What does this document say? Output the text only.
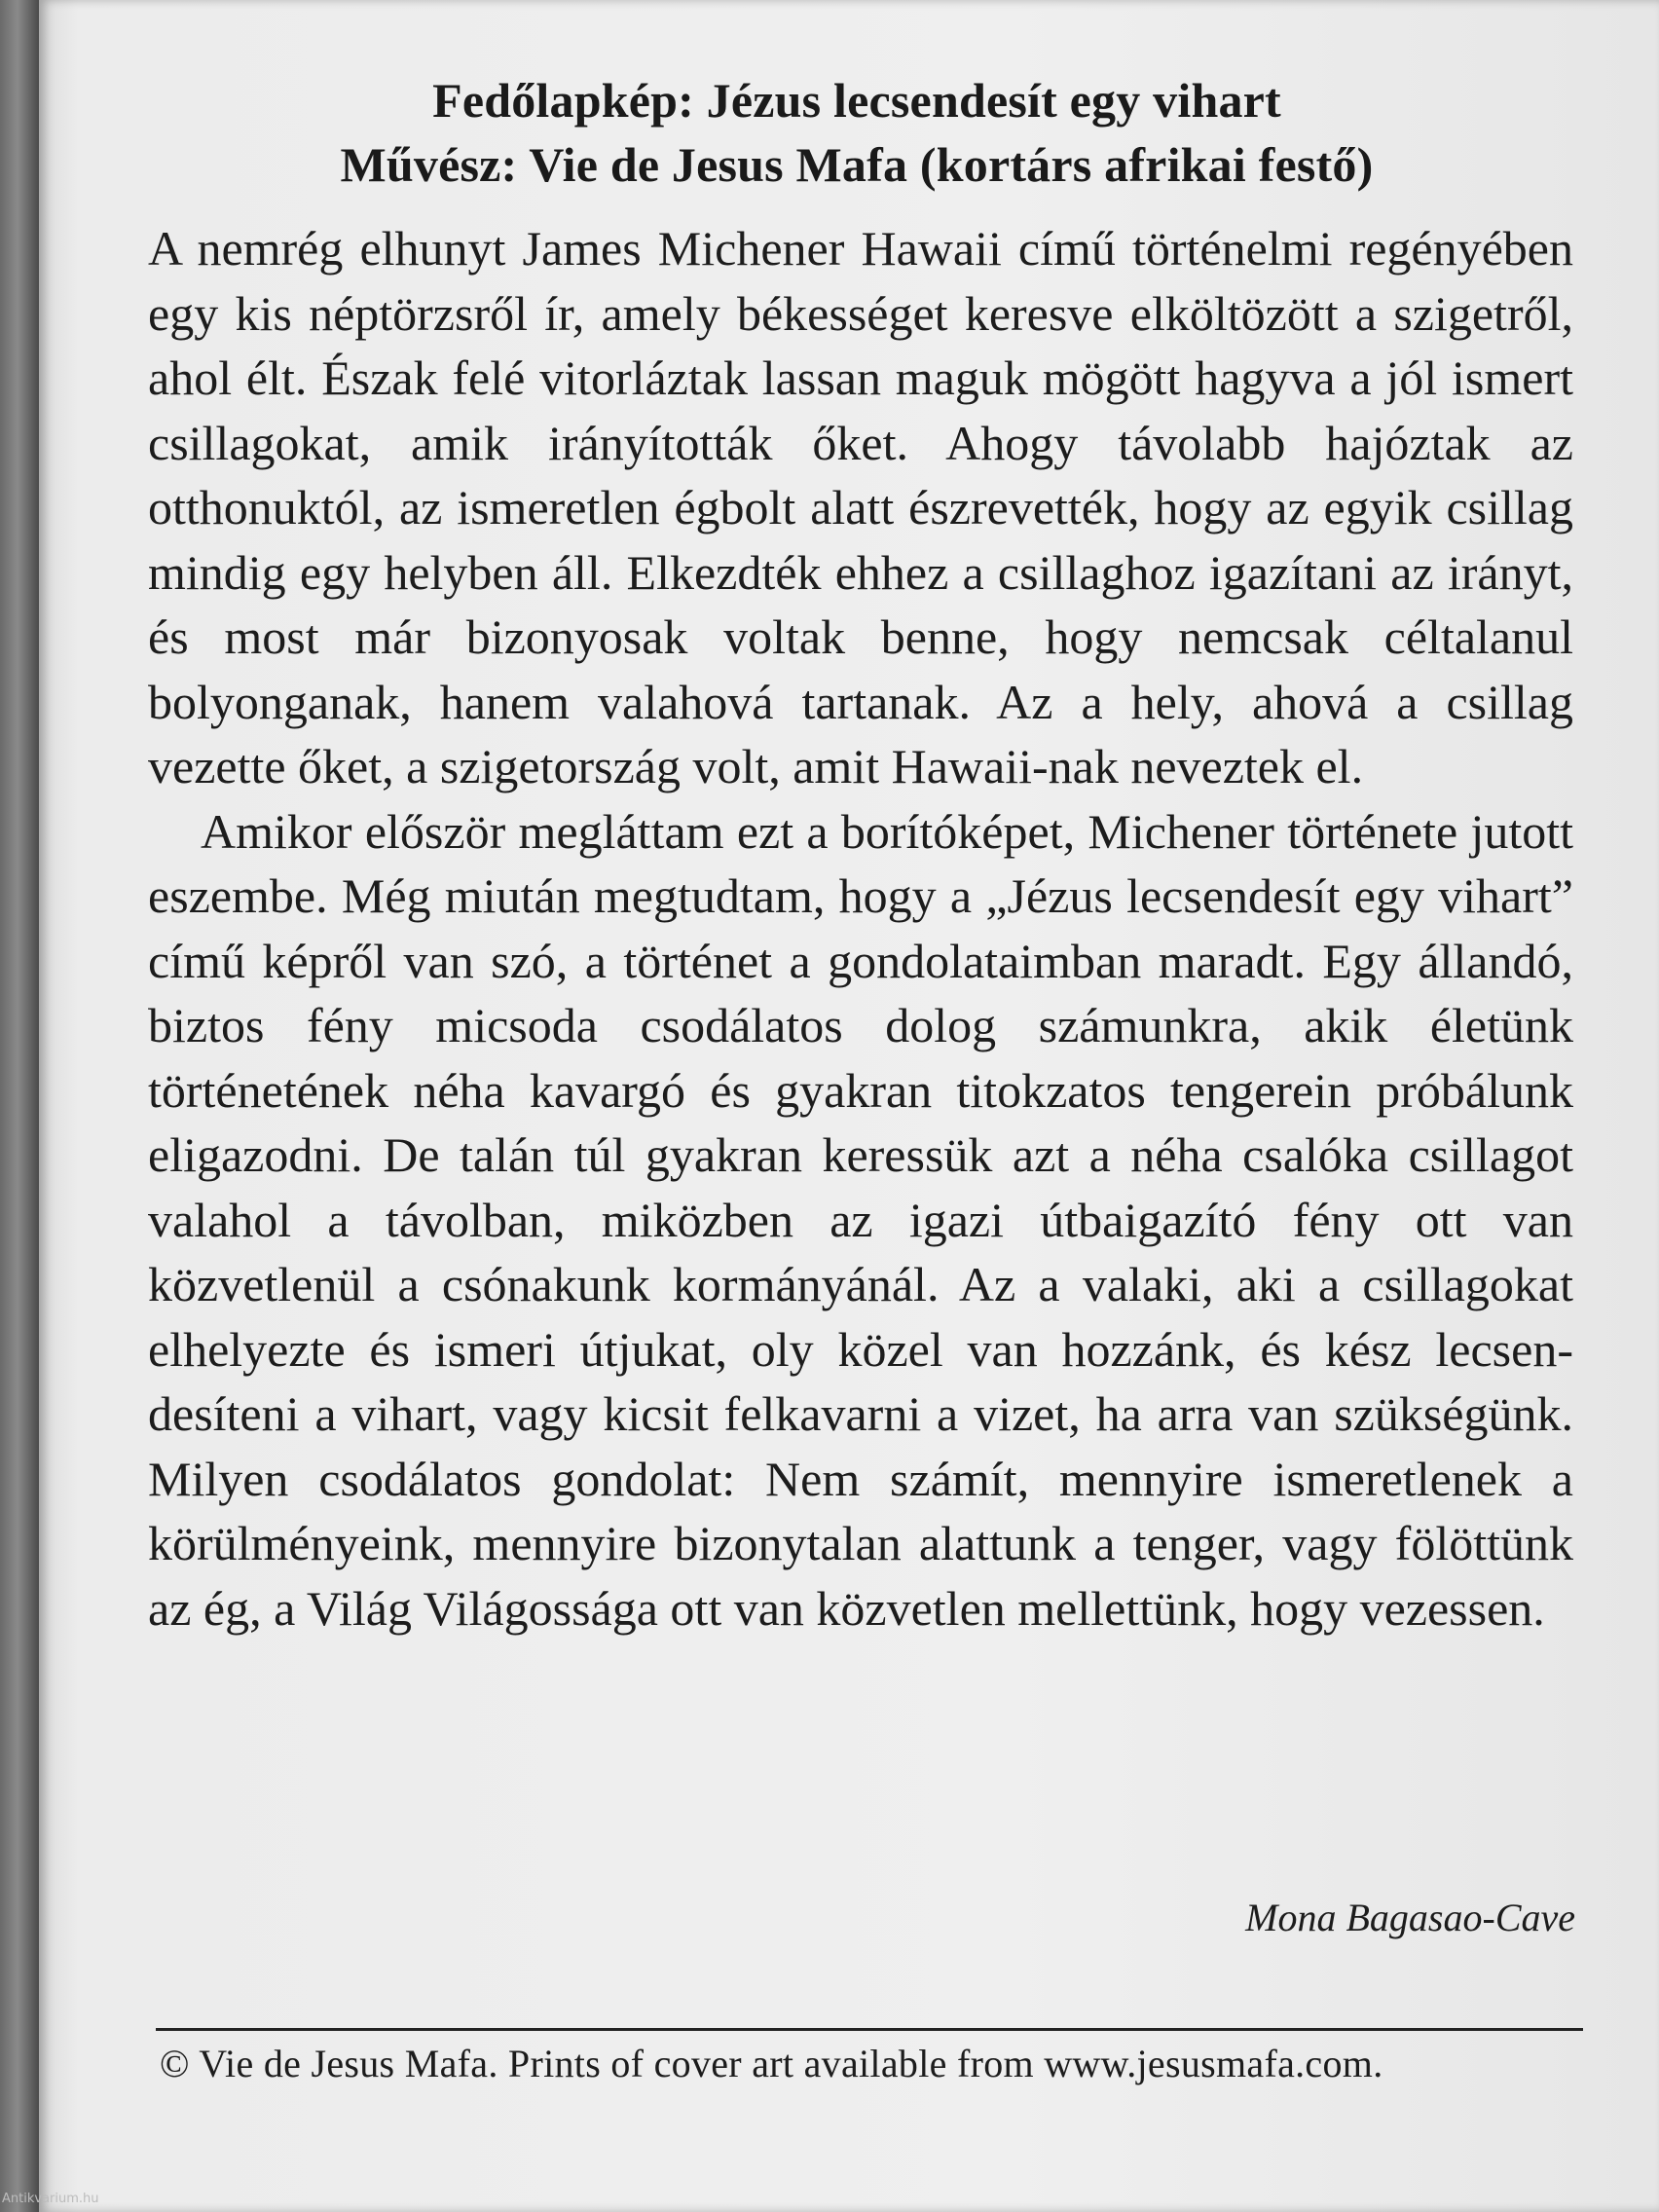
Fedőlapkép: Jézus lecsendesít egy vihart
Művész: Vie de Jesus Mafa (kortárs afrikai festő)

A nemrég elhunyt James Michener Hawaii című történelmi regényében egy kis néptörzsről ír, amely békességet keresve elköltözött a szigetről, ahol élt. Észak felé vitorláztak lassan maguk mögött hagyva a jól ismert csillagokat, amik irányították őket. Ahogy távolabb hajóztak az otthonuktól, az ismeretlen égbolt alatt észrevették, hogy az egyik csillag mindig egy helyben áll. Elkezdték ehhez a csillaghoz igazítani az irányt, és most már bizonyosak voltak benne, hogy nemcsak céltalanul bolyonganak, hanem valahová tartanak. Az a hely, ahová a csillag vezette őket, a szigetország volt, amit Hawaii-nak neveztek el.

Amikor először megláttam ezt a borítóképet, Michener története jutott eszembe. Még miután megtudtam, hogy a „Jézus lecsendesít egy vihart” című képről van szó, a történet a gondolataimban maradt. Egy állandó, biztos fény micsoda csodálatos dolog számunkra, akik életünk történetének néha kavargó és gyakran titokzatos tengerein próbálunk eligazodni. De talán túl gyakran keressük azt a néha csalóka csillagot valahol a távolban, miközben az igazi útbaigazító fény ott van közvetlenül a csónakunk kormányánál. Az a valaki, aki a csillagokat elhelyezte és ismeri útjukat, oly közel van hozzánk, és kész lecsendesíteni a vihart, vagy kicsit felkavarni a vizet, ha arra van szükségünk. Milyen csodálatos gondolat: Nem számít, mennyire ismeretlenek a körülményeink, mennyire bizonytalan alattunk a tenger, vagy fölöttünk az ég, a Világ Világossága ott van közvetlen mellettünk, hogy vezessen.

Mona Bagasao-Cave
© Vie de Jesus Mafa. Prints of cover art available from www.jesusmafa.com.
Antikvarium.hu
